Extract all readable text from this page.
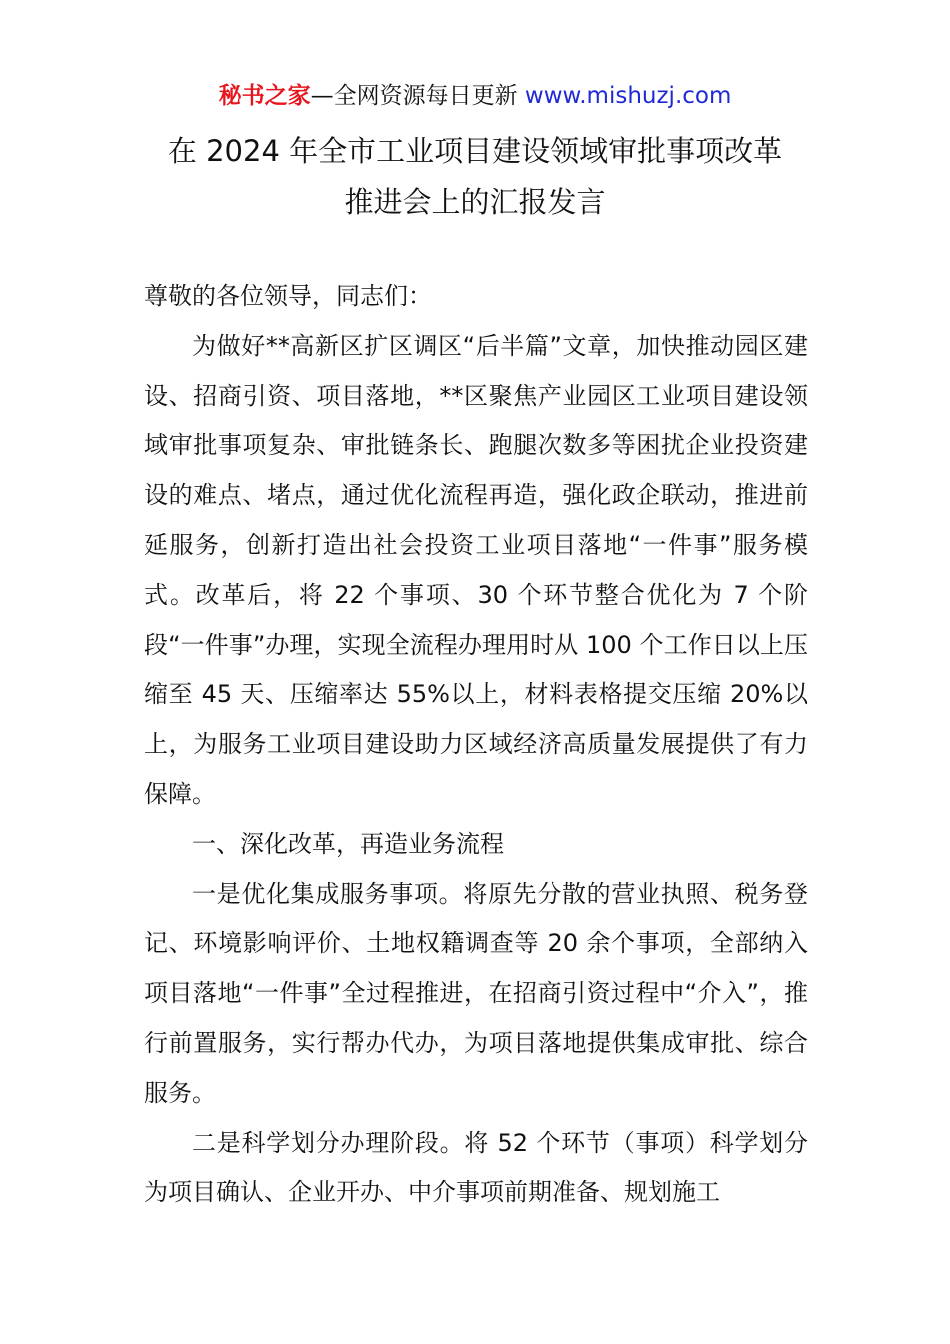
秘书之家—全网资源每日更新 www.mishuzj.com
在 2024 年全市工业项目建设领域审批事项改革
推进会上的汇报发言

尊敬的各位领导，同志们：

为做好**高新区扩区调区“后半篇”文章，加快推动园区建设、招商引资、项目落地，**区聚焦产业园区工业项目建设领域审批事项复杂、审批链条长、跑腿次数多等困扰企业投资建设的难点、堵点，通过优化流程再造，强化政企联动，推进前延服务，创新打造出社会投资工业项目落地“一件事”服务模式。改革后，将 22 个事项、30 个环节整合优化为 7 个阶段“一件事”办理，实现全流程办理用时从 100 个工作日以上压缩至 45 天、压缩率达 55%以上，材料表格提交压缩 20%以上，为服务工业项目建设助力区域经济高质量发展提供了有力保障。

一、深化改革，再造业务流程

一是优化集成服务事项。将原先分散的营业执照、税务登记、环境影响评价、土地权籍调查等 20 余个事项，全部纳入项目落地“一件事”全过程推进，在招商引资过程中“介入”，推行前置服务，实行帮办代办，为项目落地提供集成审批、综合服务。

二是科学划分办理阶段。将 52 个环节（事项）科学划分为项目确认、企业开办、中介事项前期准备、规划施工
